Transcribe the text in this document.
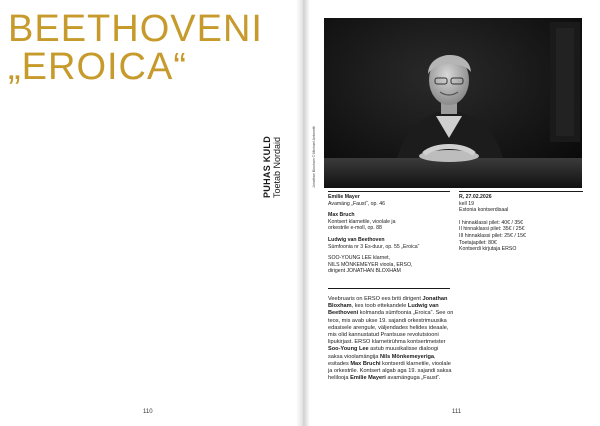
BEETHOVENI
„EROICA“
PUHAS KULD Toetab Nordaid
110
Jonathan Bloxham © Michael Antonetti
Emilie Mayer
Avamäng „Faust“, op. 46
Max Bruch
Kontsert klarnetile, vioolale ja
orkestrile e-moll, op. 88
Ludwig van Beethoven
Sümfoonia nr 3 Es-duur, op. 55 „Eroica“
SOO-YOUNG LEE klarnet,
NILS MÖNKEMEYER vioola, ERSO,
dirigent JONATHAN BLOXHAM
R, 27.02.2026
kell 19
Estonia kontserdisaal
I hinnaklassi pilet: 40€ / 35€
II hinnaklassi pilet: 35€ / 25€
III hinnaklassi pilet: 25€ / 15€
Toetajapilet: 80€
Kontserdi kirjutaja ERSO
Veebruaris on ERSO ees briti dirigent Jonathan Bloxham, kes toob ettekandele Ludwig van Beethoveni kolmanda sümfoonia „Eroica“. See on teos, mis avab ukse 19. sajandi orkestrimuusika edasisele arengule, väljendades helides ideaale, mis olid kannustatud Prantsuse revolutsiooni lipukirjast. ERSO klarnetirühma kontsertmeister Soo-Young Lee astub muusikalisse dialoogi saksa vioolamängija Nils Mönkemeyeriga, esitades Max Bruchi kontserdi klarnetile, vioolale ja orkestrile. Kontsert algab aga 19. sajandi saksa helilooja Emilie Mayeri avamänguga „Faust“.
111
